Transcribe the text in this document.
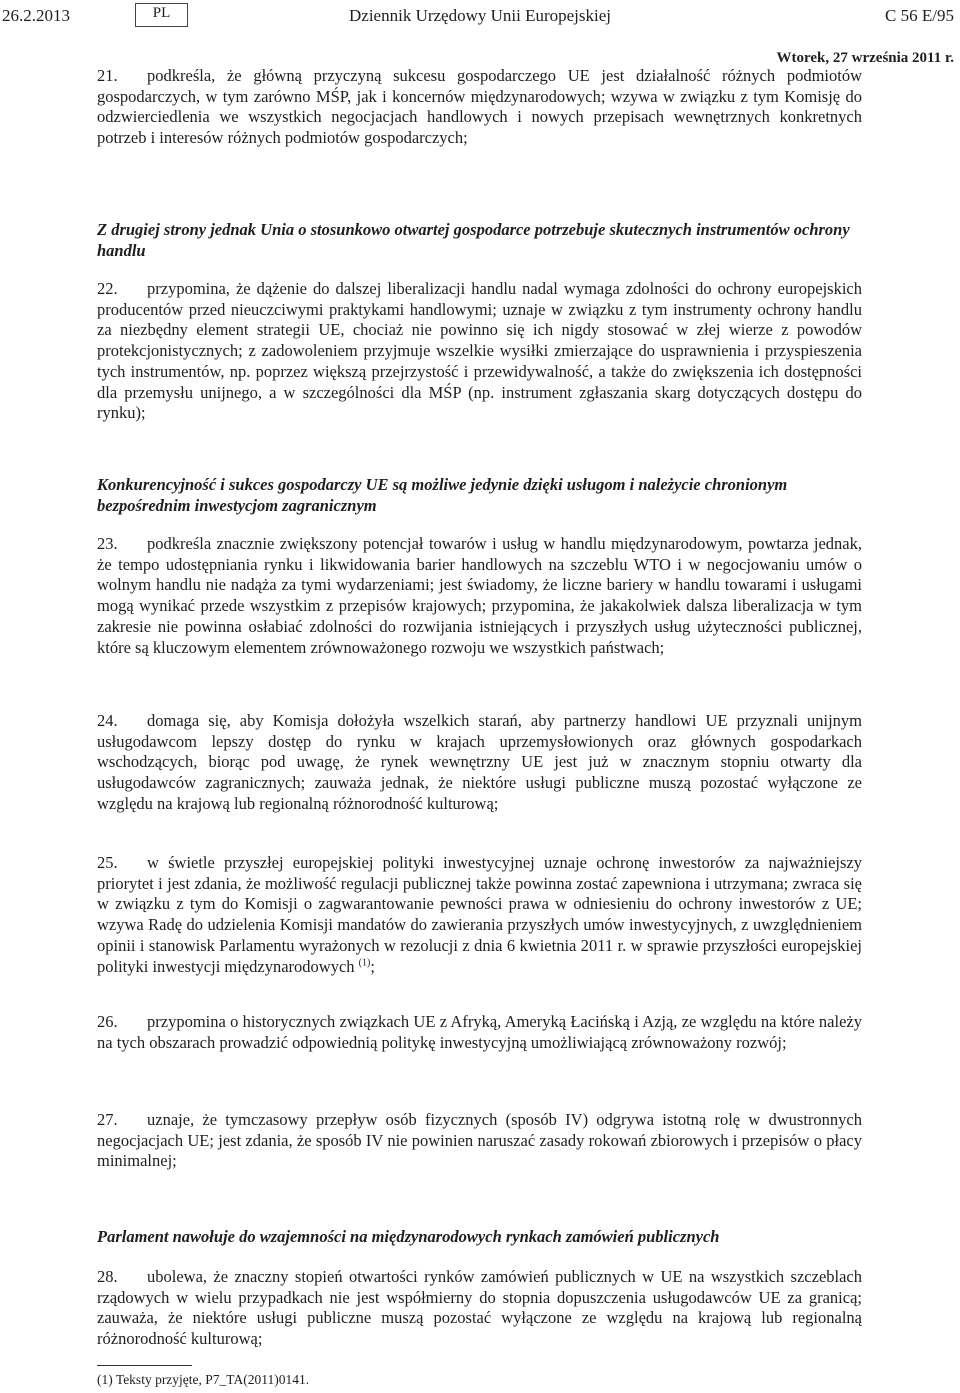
26.2.2013	PL	Dziennik Urzędowy Unii Europejskiej	C 56 E/95
Wtorek, 27 września 2011 r.

21. podkreśla, że główną przyczyną sukcesu gospodarczego UE jest działalność różnych podmiotów gospodarczych, w tym zarówno MŚP, jak i koncernów międzynarodowych; wzywa w związku z tym Komisję do odzwierciedlenia we wszystkich negocjacjach handlowych i nowych przepisach wewnętrznych konkretnych potrzeb i interesów różnych podmiotów gospodarczych;

Z drugiej strony jednak Unia o stosunkowo otwartej gospodarce potrzebuje skutecznych instrumentów ochrony handlu

22. przypomina, że dążenie do dalszej liberalizacji handlu nadal wymaga zdolności do ochrony europejskich producentów przed nieuczciwymi praktykami handlowymi; uznaje w związku z tym instrumenty ochrony handlu za niezbędny element strategii UE, chociaż nie powinno się ich nigdy stosować w złej wierze z powodów protekcjonistycznych; z zadowoleniem przyjmuje wszelkie wysiłki zmierzające do usprawnienia i przyspieszenia tych instrumentów, np. poprzez większą przejrzystość i przewidywalność, a także do zwiększenia ich dostępności dla przemysłu unijnego, a w szczególności dla MŚP (np. instrument zgłaszania skarg dotyczących dostępu do rynku);

Konkurencyjność i sukces gospodarczy UE są możliwe jedynie dzięki usługom i należycie chronionym bezpośrednim inwestycjom zagranicznym

23. podkreśla znacznie zwiększony potencjał towarów i usług w handlu międzynarodowym, powtarza jednak, że tempo udostępniania rynku i likwidowania barier handlowych na szczeblu WTO i w negocjowaniu umów o wolnym handlu nie nadąża za tymi wydarzeniami; jest świadomy, że liczne bariery w handlu towarami i usługami mogą wynikać przede wszystkim z przepisów krajowych; przypomina, że jakakolwiek dalsza liberalizacja w tym zakresie nie powinna osłabiać zdolności do rozwijania istniejących i przyszłych usług użyteczności publicznej, które są kluczowym elementem zrównoważonego rozwoju we wszystkich państwach;

24. domaga się, aby Komisja dołożyła wszelkich starań, aby partnerzy handlowi UE przyznali unijnym usługodawcom lepszy dostęp do rynku w krajach uprzemysłowionych oraz głównych gospodarkach wschodzących, biorąc pod uwagę, że rynek wewnętrzny UE jest już w znacznym stopniu otwarty dla usługodawców zagranicznych; zauważa jednak, że niektóre usługi publiczne muszą pozostać wyłączone ze względu na krajową lub regionalną różnorodność kulturową;

25. w świetle przyszłej europejskiej polityki inwestycyjnej uznaje ochronę inwestorów za najważniejszy priorytet i jest zdania, że możliwość regulacji publicznej także powinna zostać zapewniona i utrzymana; zwraca się w związku z tym do Komisji o zagwarantowanie pewności prawa w odniesieniu do ochrony inwestorów z UE; wzywa Radę do udzielenia Komisji mandatów do zawierania przyszłych umów inwestycyjnych, z uwzględnieniem opinii i stanowisk Parlamentu wyrażonych w rezolucji z dnia 6 kwietnia 2011 r. w sprawie przyszłości europejskiej polityki inwestycji międzynarodowych $^{(1)}$;

26. przypomina o historycznych związkach UE z Afryką, Ameryką Łacińską i Azją, ze względu na które należy na tych obszarach prowadzić odpowiednią politykę inwestycyjną umożliwiającą zrównoważony rozwój;

27. uznaje, że tymczasowy przepływ osób fizycznych (sposób IV) odgrywa istotną rolę w dwustronnych negocjacjach UE; jest zdania, że sposób IV nie powinien naruszać zasady rokowań zbiorowych i przepisów o płacy minimalnej;

Parlament nawołuje do wzajemności na międzynarodowych rynkach zamówień publicznych

28. ubolewa, że znaczny stopień otwartości rynków zamówień publicznych w UE na wszystkich szczeblach rządowych w wielu przypadkach nie jest współmierny do stopnia dopuszczenia usługodawców UE za granicą; zauważa, że niektóre usługi publiczne muszą pozostać wyłączone ze względu na krajową lub regionalną różnorodność kulturową;

(1) Teksty przyjęte, P7_TA(2011)0141.
